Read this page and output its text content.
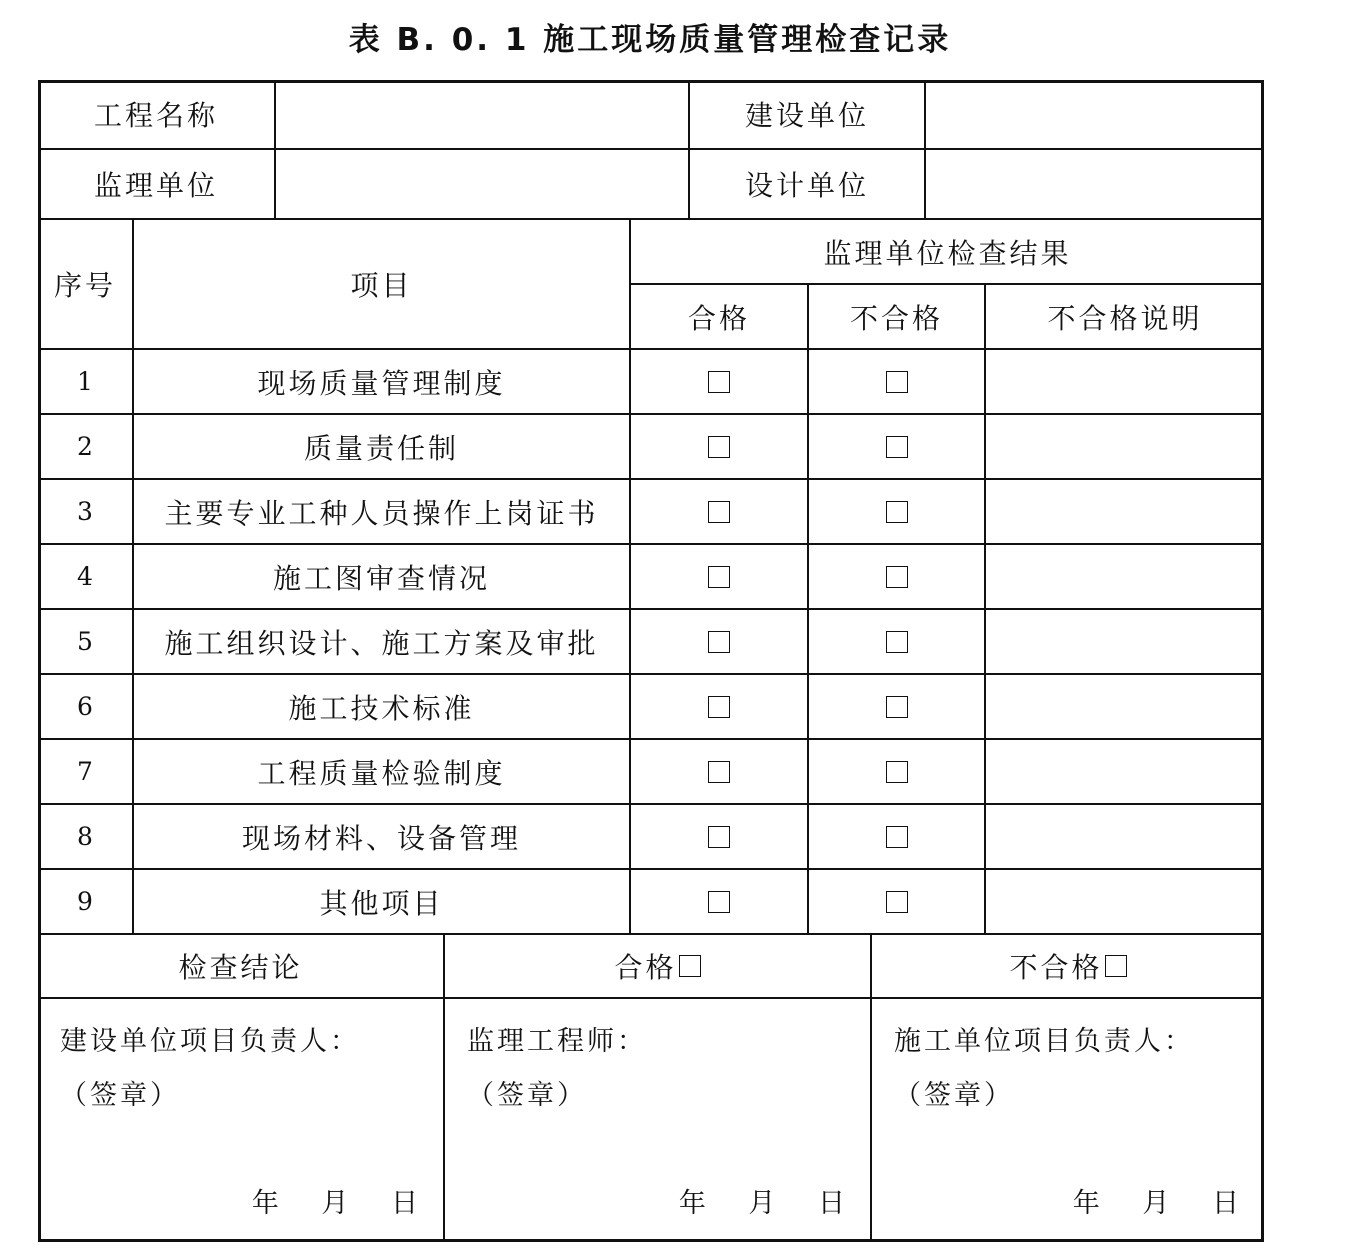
表 B. 0. 1 施工现场质量管理检查记录
工程名称	建设单位
监理单位	设计单位
序号	项目
监理单位检查结果
合格	不合格	不合格说明
1	现场质量管理制度
2	质量责任制
3	主要专业工种人员操作上岗证书
4	施工图审查情况
5	施工组织设计、施工方案及审批
6	施工技术标准
7	工程质量检验制度
8	现场材料、设备管理
9	其他项目
检查结论	合格	不合格
建设单位项目负责人：
（签章）
年 月 日
监理工程师：
（签章）
年 月 日
施工单位项目负责人：
（签章）
年 月 日
